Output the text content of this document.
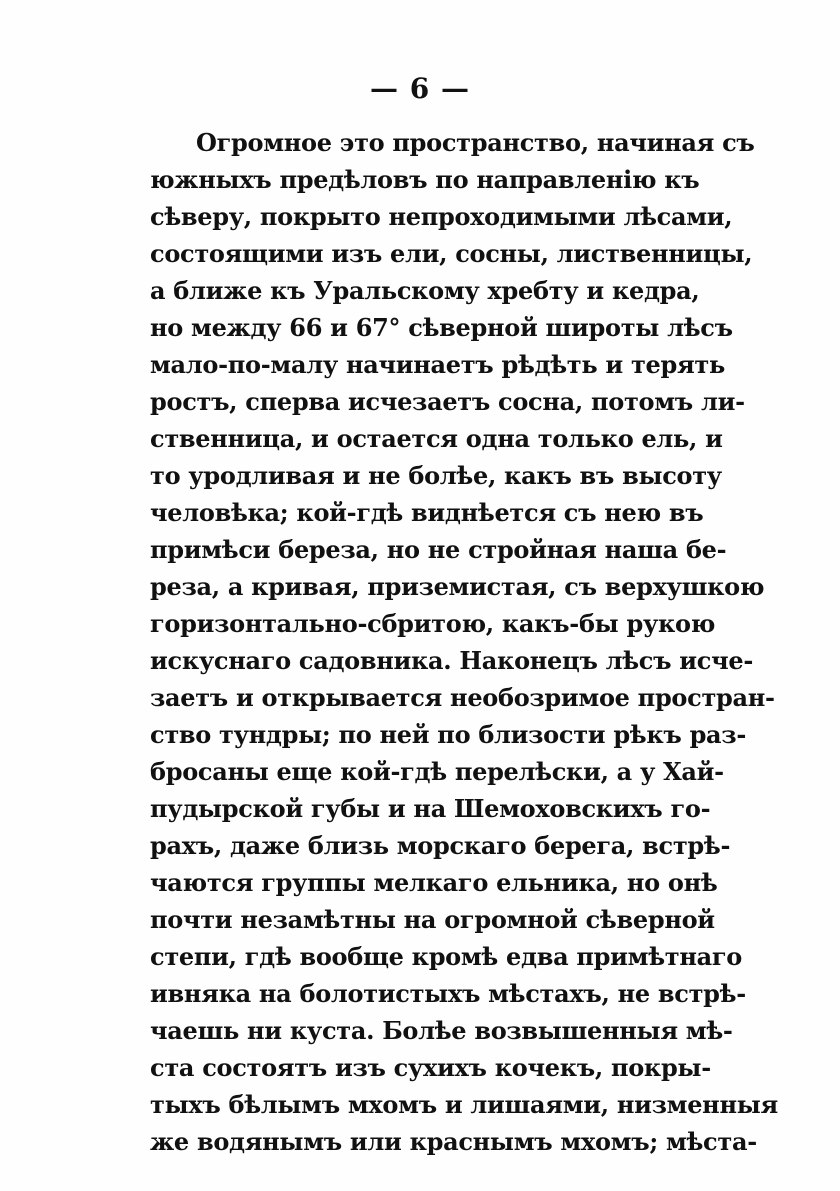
— 6 —
Огромное это пространство, начиная съ
южныхъ предѣловъ по направленію къ
сѣверу, покрыто непроходимыми лѣсами,
состоящими изъ ели, сосны, лиственницы,
а ближе къ Уральскому хребту и кедра,
но между 66 и 67° сѣверной широты лѣсъ
мало-по-малу начинаетъ рѣдѣть и терять
ростъ, сперва исчезаетъ сосна, потомъ ли-
ственница, и остается одна только ель, и
то уродливая и не болѣе, какъ въ высоту
человѣка; кой-гдѣ виднѣется съ нею въ
примѣси береза, но не стройная наша бе-
реза, а кривая, приземистая, съ верхушкою
горизонтально-сбритою, какъ-бы рукою
искуснаго садовника. Наконецъ лѣсъ исче-
заетъ и открывается необозримое простран-
ство тундры; по ней по близости рѣкъ раз-
бросаны еще кой-гдѣ перелѣски, а у Хай-
пудырской губы и на Шемоховскихъ го-
рахъ, даже близь морскаго берега, встрѣ-
чаются группы мелкаго ельника, но онѣ
почти незамѣтны на огромной сѣверной
степи, гдѣ вообще кромѣ едва примѣтнаго
ивняка на болотистыхъ мѣстахъ, не встрѣ-
чаешь ни куста. Болѣе возвышенныя мѣ-
ста состоятъ изъ сухихъ кочекъ, покры-
тыхъ бѣлымъ мхомъ и лишаями, низменныя
же водянымъ или краснымъ мхомъ; мѣста-
